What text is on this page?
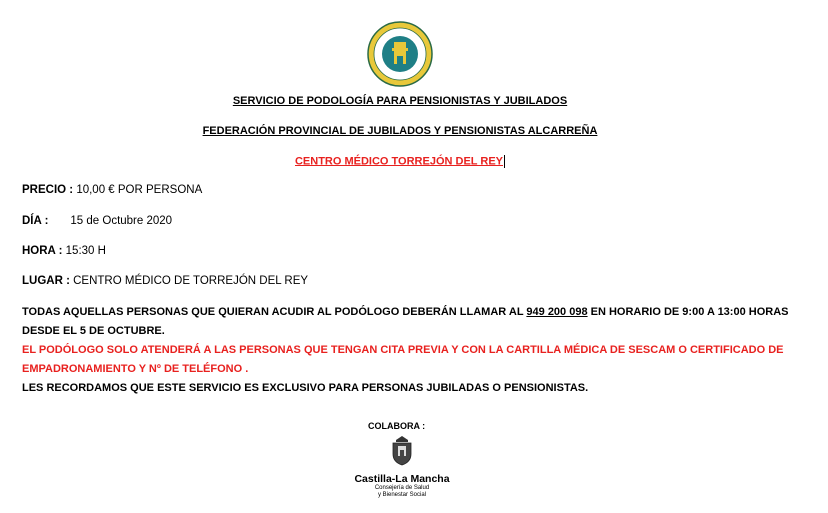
SERVICIO DE PODOLOGÍA PARA PENSIONISTAS Y JUBILADOS
FEDERACIÓN PROVINCIAL DE JUBILADOS Y PENSIONISTAS ALCARREÑA
CENTRO MÉDICO TORREJÓN DEL REY
PRECIO : 10,00 € POR PERSONA
DÍA : 15 de Octubre 2020
HORA : 15:30 H
LUGAR : CENTRO MÉDICO DE TORREJÓN DEL REY
TODAS AQUELLAS PERSONAS QUE QUIERAN ACUDIR AL PODÓLOGO DEBERÁN LLAMAR AL 949 200 098 EN HORARIO DE 9:00 A 13:00 HORAS DESDE EL 5 DE OCTUBRE.
EL PODÓLOGO SOLO ATENDERÁ A LAS PERSONAS QUE TENGAN CITA PREVIA Y CON LA CARTILLA MÉDICA DE SESCAM O CERTIFICADO DE EMPADRONAMIENTO Y Nº DE TELÉFONO .
LES RECORDAMOS QUE ESTE SERVICIO ES EXCLUSIVO PARA PERSONAS JUBILADAS O PENSIONISTAS.
COLABORA :
Castilla-La Mancha
Consejería de Salud
y Bienestar Social
